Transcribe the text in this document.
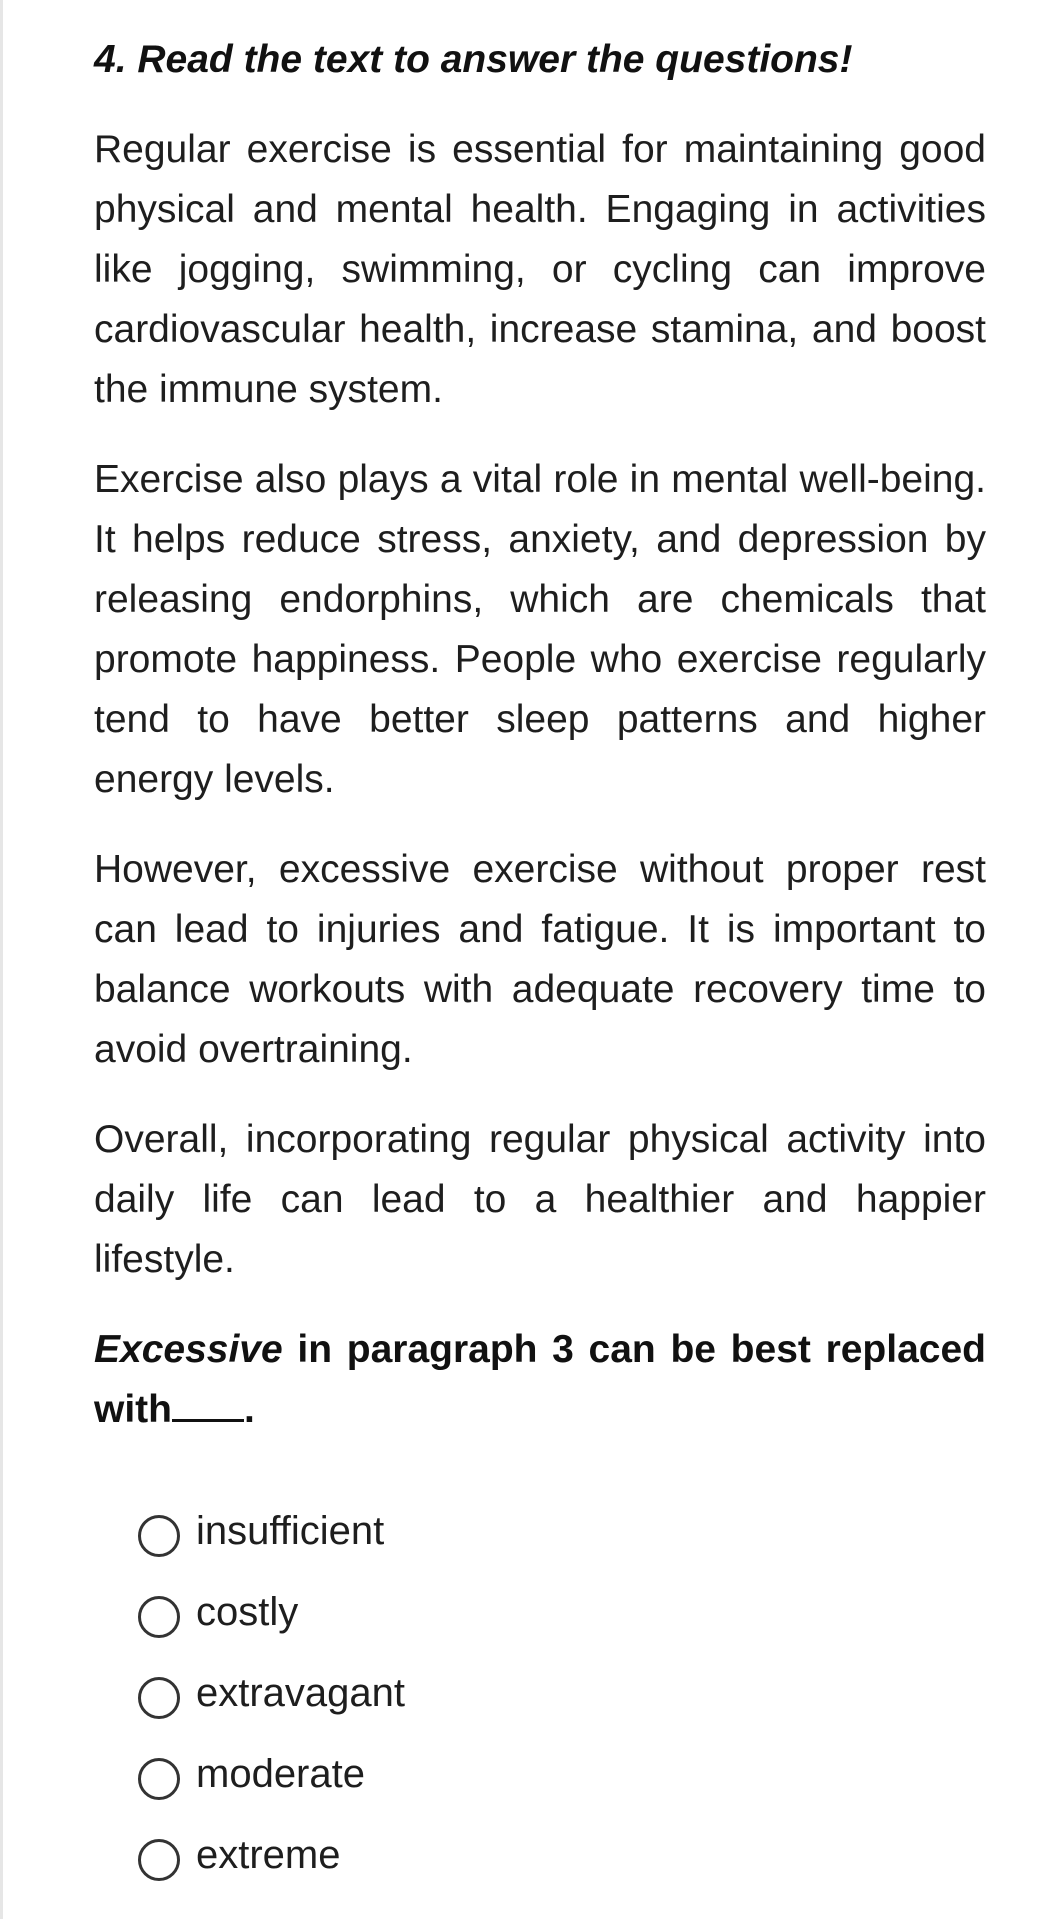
4. Read the text to answer the questions!

Regular exercise is essential for maintaining good physical and mental health. Engaging in activities like jogging, swimming, or cycling can improve cardiovascular health, increase stamina, and boost the immune system.

Exercise also plays a vital role in mental well-being. It helps reduce stress, anxiety, and depression by releasing endorphins, which are chemicals that promote happiness. People who exercise regularly tend to have better sleep patterns and higher energy levels.

However, excessive exercise without proper rest can lead to injuries and fatigue. It is important to balance workouts with adequate recovery time to avoid overtraining.

Overall, incorporating regular physical activity into daily life can lead to a healthier and happier lifestyle.

Excessive in paragraph 3 can be best replaced with .

insufficient
costly
extravagant
moderate
extreme
